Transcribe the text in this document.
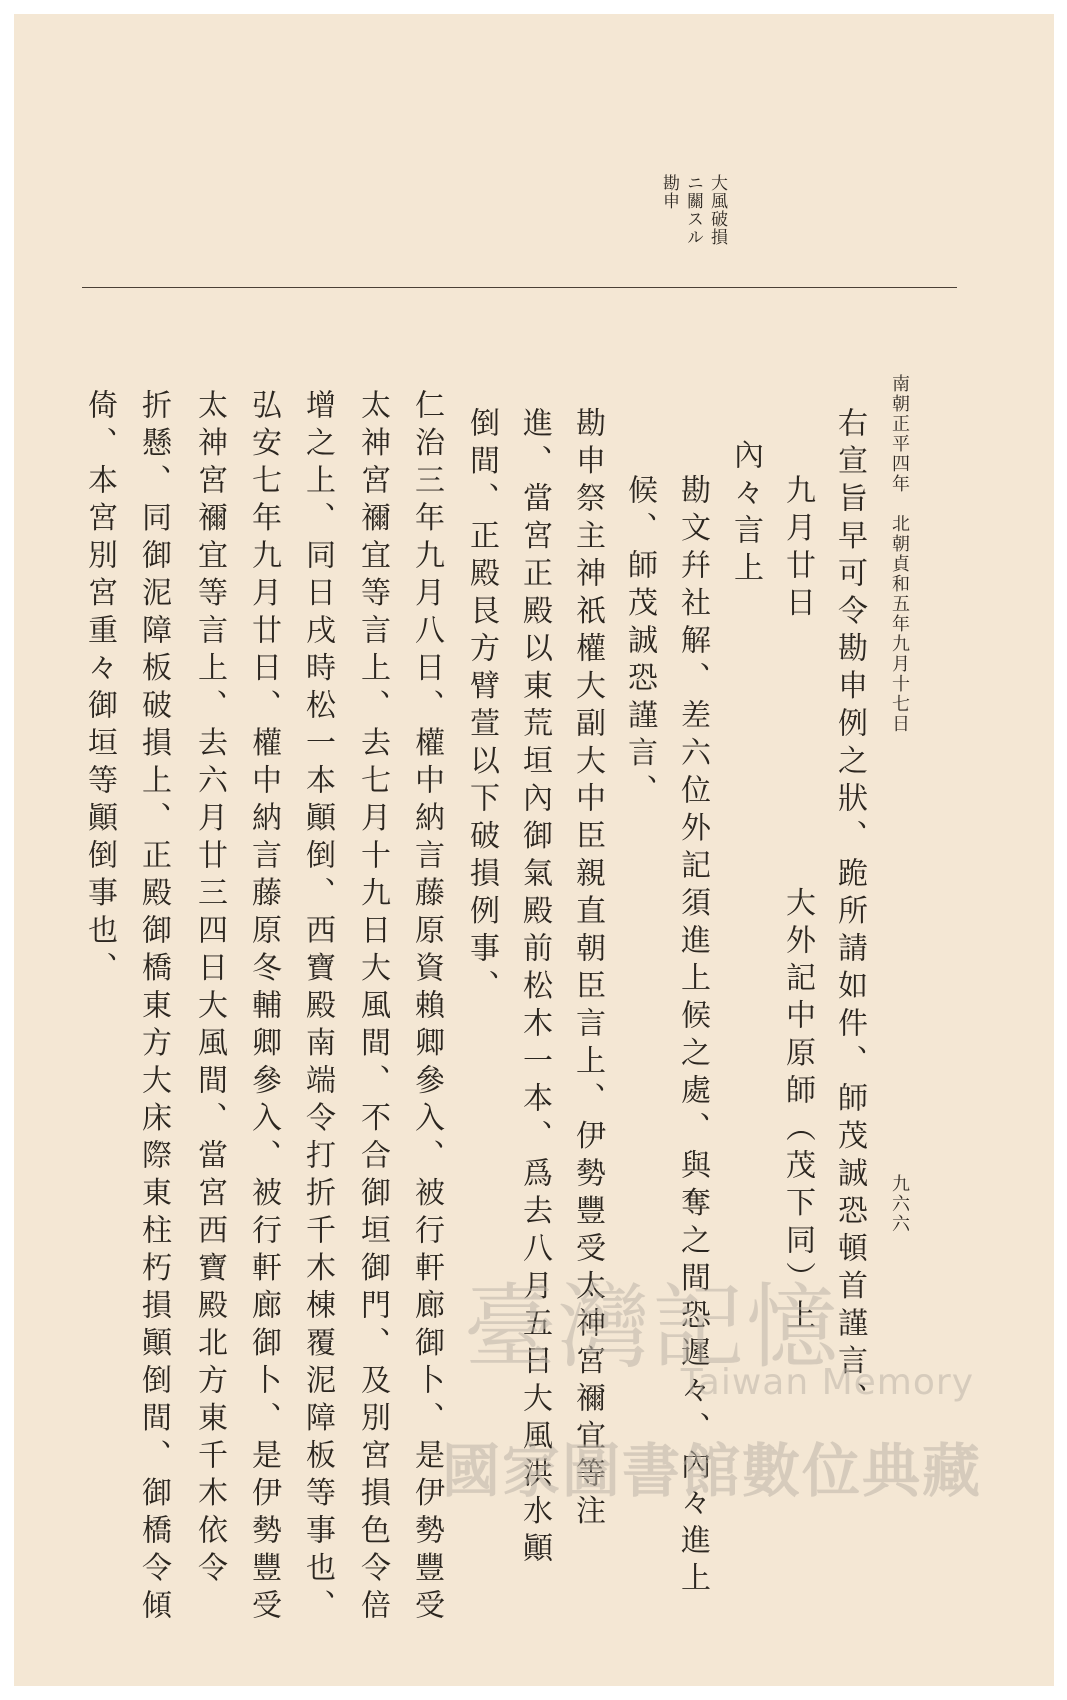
大風破損
ニ關スル
勘申
南朝正平四年　北朝貞和五年九月十七日
九六六
右宣旨早可令勘申例之狀、跪所請如件、師茂誠恐頓首謹言、
九月廿日　　　　　　　大外記中原師（茂下同）上
內々言上
勘文幷社解、差六位外記須進上候之處、與奪之間恐遲々、內々進上
候、師茂誠恐謹言、
勘申祭主神祇權大副大中臣親直朝臣言上、伊勢豐受太神宮禰宜等注
進、當宮正殿以東荒垣內御氣殿前松木一本、爲去八月五日大風洪水顚
倒間、正殿艮方臂萱以下破損例事、
仁治三年九月八日、權中納言藤原資賴卿參入、被行軒廊御卜、是伊勢豐受
太神宮禰宜等言上、去七月十九日大風間、不合御垣御門、及別宮損色令倍
增之上、同日戌時松一本顚倒、西寶殿南端令打折千木棟覆泥障板等事也、
弘安七年九月廿日、權中納言藤原冬輔卿參入、被行軒廊御卜、是伊勢豐受
太神宮禰宜等言上、去六月廿三四日大風間、當宮西寶殿北方東千木依令
折懸、同御泥障板破損上、正殿御橋東方大床際東柱朽損顚倒間、御橋令傾
倚、本宮別宮重々御垣等顚倒事也、
臺灣記憶
Taiwan Memory
國家圖書館數位典藏
